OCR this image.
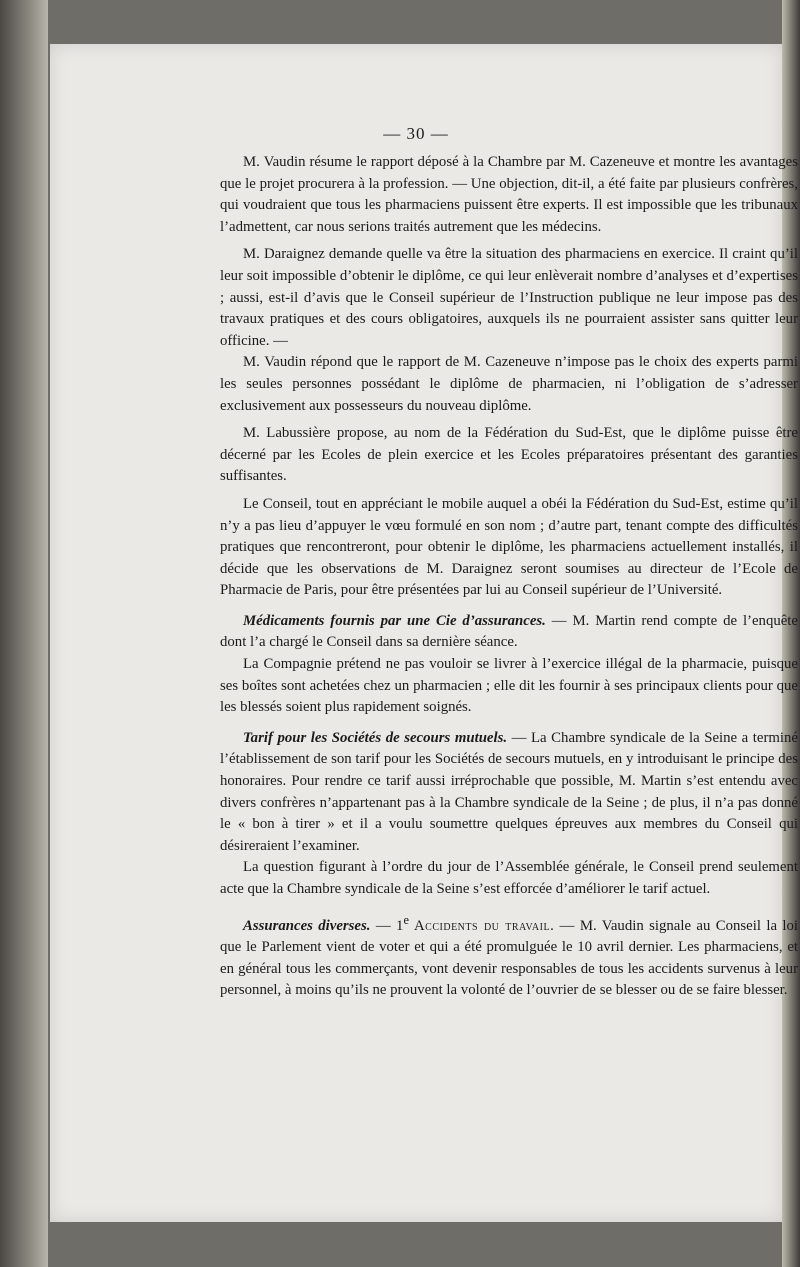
— 30 —

M. Vaudin résume le rapport déposé à la Chambre par M. Cazeneuve et montre les avantages que le projet procurera à la profession. — Une objection, dit-il, a été faite par plusieurs confrères, qui voudraient que tous les pharmaciens puissent être experts. Il est impossible que les tribunaux l’admettent, car nous serions traités autrement que les médecins.

M. Daraignez demande quelle va être la situation des pharmaciens en exercice. Il craint qu’il leur soit impossible d’obtenir le diplôme, ce qui leur enlèverait nombre d’analyses et d’expertises ; aussi, est-il d’avis que le Conseil supérieur de l’Instruction publique ne leur impose pas des travaux pratiques et des cours obligatoires, auxquels ils ne pourraient assister sans quitter leur officine. —

M. Vaudin répond que le rapport de M. Cazeneuve n’impose pas le choix des experts parmi les seules personnes possédant le diplôme de pharmacien, ni l’obligation de s’adresser exclusivement aux possesseurs du nouveau diplôme.

M. Labussière propose, au nom de la Fédération du Sud-Est, que le diplôme puisse être décerné par les Ecoles de plein exercice et les Ecoles préparatoires présentant des garanties suffisantes.

Le Conseil, tout en appréciant le mobile auquel a obéi la Fédération du Sud-Est, estime qu’il n’y a pas lieu d’appuyer le vœu formulé en son nom ; d’autre part, tenant compte des difficultés pratiques que rencontreront, pour obtenir le diplôme, les pharmaciens actuellement installés, il décide que les observations de M. Daraignez seront soumises au directeur de l’Ecole de Pharmacie de Paris, pour être présentées par lui au Conseil supérieur de l’Université.

Médicaments fournis par une Cie d’assurances. — M. Martin rend compte de l’enquête dont l’a chargé le Conseil dans sa dernière séance.

La Compagnie prétend ne pas vouloir se livrer à l’exercice illégal de la pharmacie, puisque ses boîtes sont achetées chez un pharmacien ; elle dit les fournir à ses principaux clients pour que les blessés soient plus rapidement soignés.

Tarif pour les Sociétés de secours mutuels. — La Chambre syndicale de la Seine a terminé l’établissement de son tarif pour les Sociétés de secours mutuels, en y introduisant le principe des honoraires. Pour rendre ce tarif aussi irréprochable que possible, M. Martin s’est entendu avec divers confrères n’appartenant pas à la Chambre syndicale de la Seine ; de plus, il n’a pas donné le « bon à tirer » et il a voulu soumettre quelques épreuves aux membres du Conseil qui désireraient l’examiner.

La question figurant à l’ordre du jour de l’Assemblée générale, le Conseil prend seulement acte que la Chambre syndicale de la Seine s’est efforcée d’améliorer le tarif actuel.

Assurances diverses. — 1e Accidents du travail. — M. Vaudin signale au Conseil la loi que le Parlement vient de voter et qui a été promulguée le 10 avril dernier. Les pharmaciens, et en général tous les commerçants, vont devenir responsables de tous les accidents survenus à leur personnel, à moins qu’ils ne prouvent la volonté de l’ouvrier de se blesser ou de se faire blesser.
